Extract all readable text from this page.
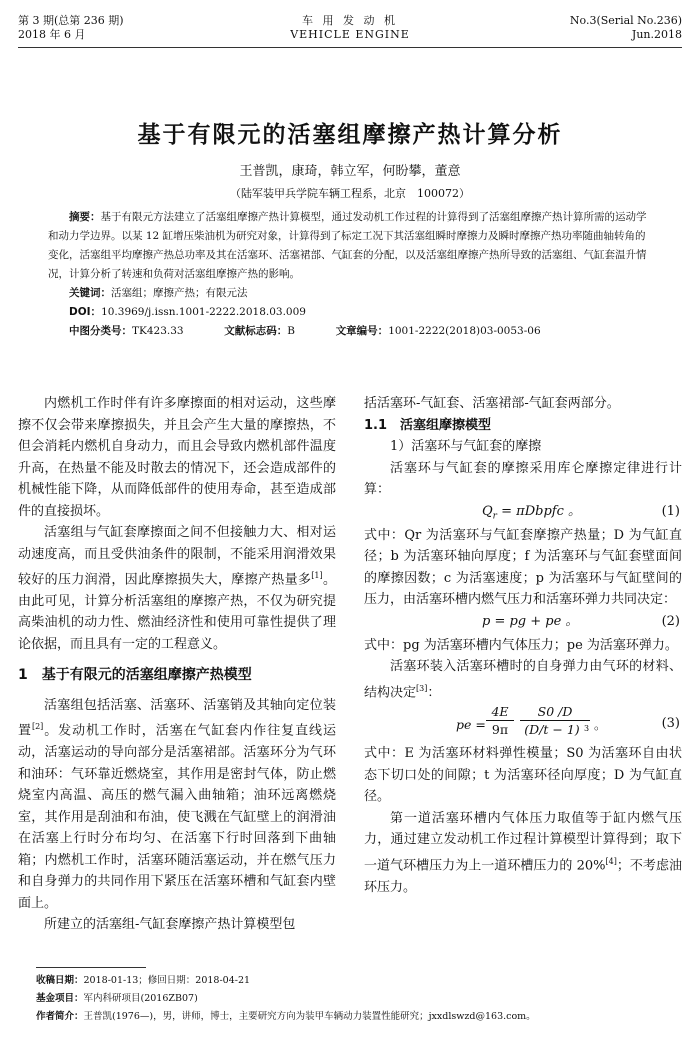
第 3 期(总第 236 期)
2018 年 6 月
车 用 发 动 机
VEHICLE ENGINE
No.3(Serial No.236)
Jun.2018
基于有限元的活塞组摩擦产热计算分析
王普凯，康琦，韩立军，何盼攀，董意
（陆军装甲兵学院车辆工程系，北京　100072）

摘要：基于有限元方法建立了活塞组摩擦产热计算模型，通过发动机工作过程的计算得到了活塞组摩擦产热计算所需的运动学和动力学边界。以某 12 缸增压柴油机为研究对象，计算得到了标定工况下其活塞组瞬时摩擦力及瞬时摩擦产热功率随曲轴转角的变化，活塞组平均摩擦产热总功率及其在活塞环、活塞裙部、气缸套的分配，以及活塞组摩擦产热所导致的活塞组、气缸套温升情况，计算分析了转速和负荷对活塞组摩擦产热的影响。

关键词：活塞组；摩擦产热；有限元法

DOI：10.3969/j.issn.1001-2222.2018.03.009

中图分类号：TK423.33	文献标志码：B	文章编号：1001-2222(2018)03-0053-06

内燃机工作时伴有许多摩擦面的相对运动，这些摩擦不仅会带来摩擦损失，并且会产生大量的摩擦热，不但会消耗内燃机自身动力，而且会导致内燃机部件温度升高，在热量不能及时散去的情况下，还会造成部件的机械性能下降，从而降低部件的使用寿命，甚至造成部件的直接损坏。

活塞组与气缸套摩擦面之间不但接触力大、相对运动速度高，而且受供油条件的限制，不能采用润滑效果较好的压力润滑，因此摩擦损失大，摩擦产热量多[1]。由此可见，计算分析活塞组的摩擦产热，不仅为研究提高柴油机的动力性、燃油经济性和使用可靠性提供了理论依据，而且具有一定的工程意义。

1　基于有限元的活塞组摩擦产热模型

活塞组包括活塞、活塞环、活塞销及其轴向定位装置[2]。发动机工作时，活塞在气缸套内作往复直线运动，活塞运动的导向部分是活塞裙部。活塞环分为气环和油环：气环靠近燃烧室，其作用是密封气体，防止燃烧室内高温、高压的燃气漏入曲轴箱；油环远离燃烧室，其作用是刮油和布油，使飞溅在气缸壁上的润滑油在活塞上行时分布均匀、在活塞下行时回落到下曲轴箱；内燃机工作时，活塞环随活塞运动，并在燃气压力和自身弹力的共同作用下紧压在活塞环槽和气缸套内壁面上。

所建立的活塞组-气缸套摩擦产热计算模型包

括活塞环-气缸套、活塞裙部-气缸套两部分。

1.1　活塞组摩擦模型

1）活塞环与气缸套的摩擦

活塞环与气缸套的摩擦采用库仑摩擦定律进行计算：

$Q_r$ = πDbpfc 。	(1)

式中：Qr 为活塞环与气缸套摩擦产热量；D 为气缸直径；b 为活塞环轴向厚度；f 为活塞环与气缸套壁面间的摩擦因数；c 为活塞速度；p 为活塞环与气缸壁间的压力，由活塞环槽内燃气压力和活塞环弹力共同决定：

p = pg + pe 。	(2)

式中：pg 为活塞环槽内气体压力；pe 为活塞环弹力。

活塞环装入活塞环槽时的自身弹力由气环的材料、结构决定[3]：

pe =
4E
9π
S0 /D
(D/t − 1) 3 。	(3)

式中：E 为活塞环材料弹性模量；S0 为活塞环自由状态下切口处的间隙；t 为活塞环径向厚度；D 为气缸直径。

第一道活塞环槽内气体压力取值等于缸内燃气压力，通过建立发动机工作过程计算模型计算得到；取下一道气环槽压力为上一道环槽压力的 20%[4]；不考虑油环压力。

收稿日期：2018-01-13；修回日期：2018-04-21
基金项目：军内科研项目(2016ZB07)
作者简介：王普凯(1976—)，男，讲师，博士，主要研究方向为装甲车辆动力装置性能研究；jxxdlswzd@163.com。
